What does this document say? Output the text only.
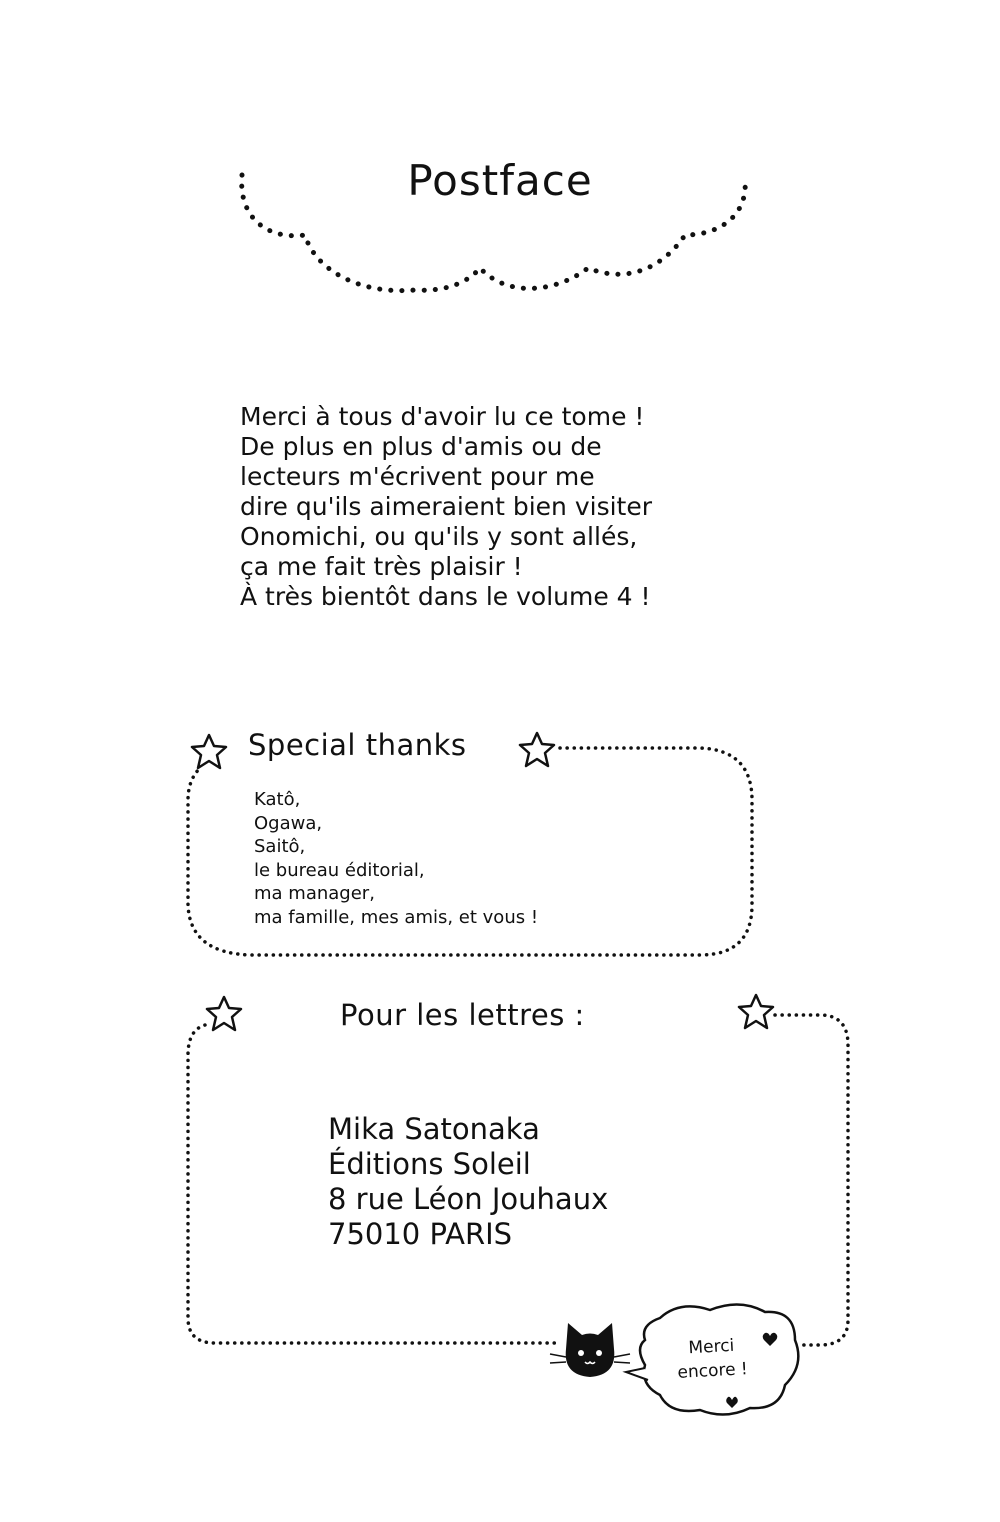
Postface
Merci à tous d'avoir lu ce tome !
De plus en plus d'amis ou de
lecteurs m'écrivent pour me
dire qu'ils aimeraient bien visiter
Onomichi, ou qu'ils y sont allés,
ça me fait très plaisir !
À très bientôt dans le volume 4 !
Special thanks
Katô,
Ogawa,
Saitô,
le bureau éditorial,
ma manager,
ma famille, mes amis, et vous !
Pour les lettres :
Mika Satonaka
Éditions Soleil
8 rue Léon Jouhaux
75010 PARIS
Merci
encore !
